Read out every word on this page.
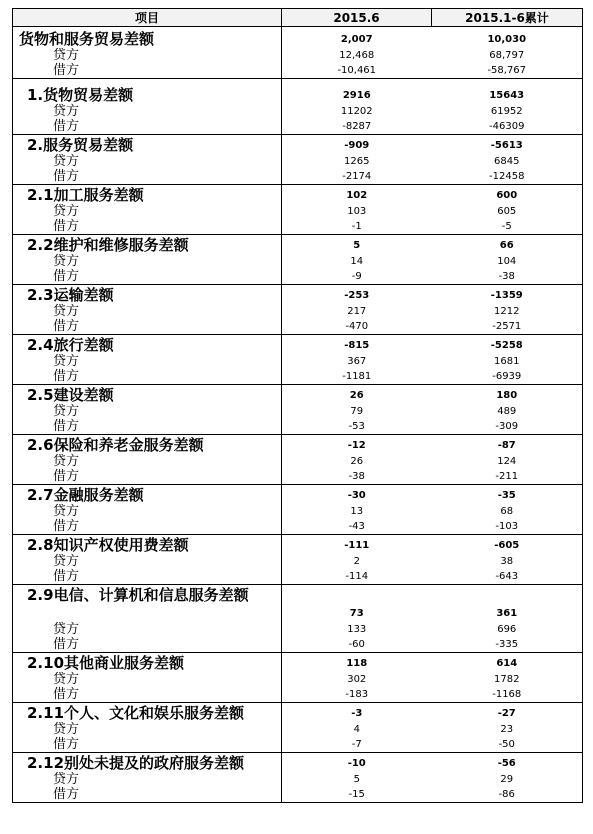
项目	2015.6	2015.1-6累计

货物和服务贸易差额	2,007	10,030

贷方	12,468	68,797

借方	-10,461	-58,767

1.货物贸易差额	2916	15643

贷方	11202	61952

借方	-8287	-46309

2.服务贸易差额	-909	-5613

贷方	1265	6845

借方	-2174	-12458

2.1加工服务差额	102	600

贷方	103	605

借方	-1	-5

2.2维护和维修服务差额	5	66

贷方	14	104

借方	-9	-38

2.3运输差额	-253	-1359

贷方	217	1212

借方	-470	-2571

2.4旅行差额	-815	-5258

贷方	367	1681

借方	-1181	-6939

2.5建设差额	26	180

贷方	79	489

借方	-53	-309

2.6保险和养老金服务差额	-12	-87

贷方	26	124

借方	-38	-211

2.7金融服务差额	-30	-35

贷方	13	68

借方	-43	-103

2.8知识产权使用费差额	-111	-605

贷方	2	38

借方	-114	-643

2.9电信、计算机和信息服务差额	73	361

贷方	133	696

借方	-60	-335

2.10其他商业服务差额	118	614

贷方	302	1782

借方	-183	-1168

2.11个人、文化和娱乐服务差额	-3	-27

贷方	4	23

借方	-7	-50

2.12别处未提及的政府服务差额	-10	-56

贷方	5	29

借方	-15	-86
